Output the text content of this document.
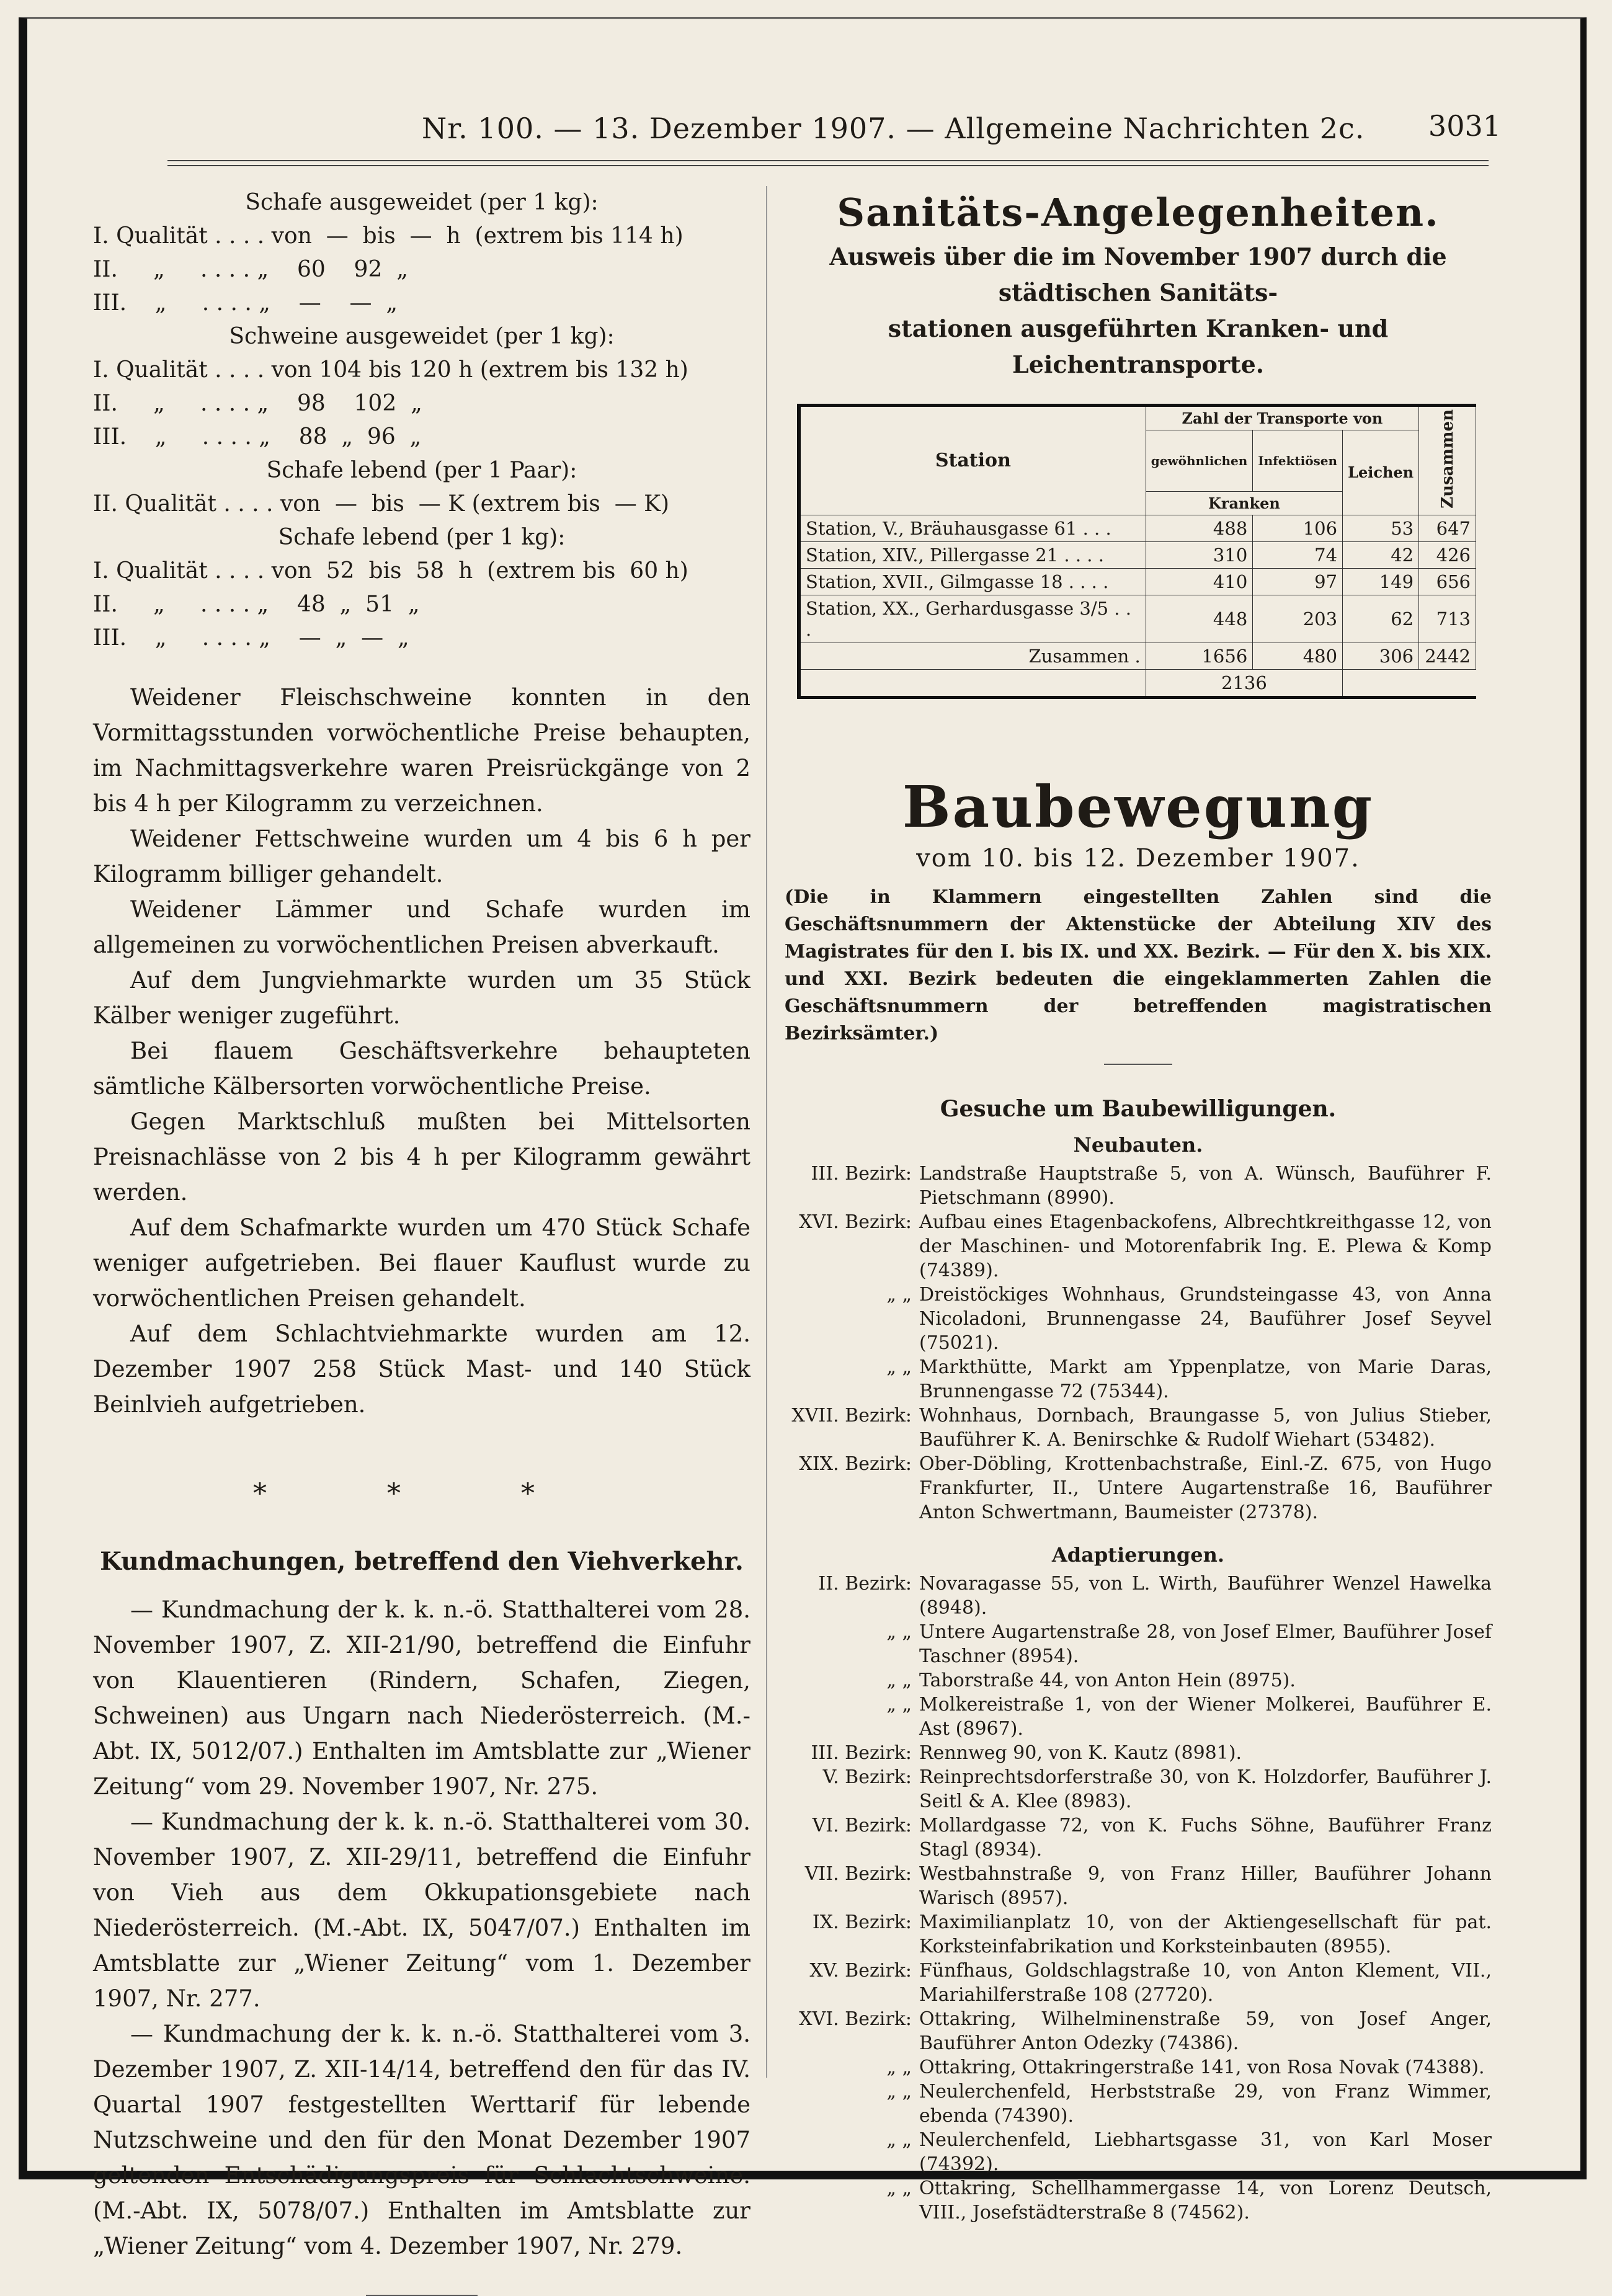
Nr. 100. — 13. Dezember 1907. — Allgemeine Nachrichten 2c. 3031
Schafe ausgeweidet (per 1 kg):
I. Qualität . . . . von  —  bis  —  h  (extrem bis 114 h)
II.     „     . . . . „    60    92  „
III.    „     . . . . „    —    —  „
Schweine ausgeweidet (per 1 kg):
I. Qualität . . . . von 104 bis 120 h (extrem bis 132 h)
II.     „     . . . . „    98    102  „
III.    „     . . . . „    88  „  96  „
Schafe lebend (per 1 Paar):
II. Qualität . . . . von  —  bis  — K (extrem bis  — K)
Schafe lebend (per 1 kg):
I. Qualität . . . . von  52  bis  58  h  (extrem bis  60 h)
II.     „     . . . . „    48  „  51  „
III.    „     . . . . „    —  „  —  „

Weidener Fleischschweine konnten in den Vormittagsstunden vorwöchentliche Preise behaupten, im Nachmittagsverkehre waren Preisrückgänge von 2 bis 4 h per Kilogramm zu verzeichnen.

Weidener Fettschweine wurden um 4 bis 6 h per Kilogramm billiger gehandelt.

Weidener Lämmer und Schafe wurden im allgemeinen zu vorwöchentlichen Preisen abverkauft.

Auf dem Jungviehmarkte wurden um 35 Stück Kälber weniger zugeführt.

Bei flauem Geschäftsverkehre behaupteten sämtliche Kälbersorten vorwöchentliche Preise.

Gegen Marktschluß mußten bei Mittelsorten Preisnachlässe von 2 bis 4 h per Kilogramm gewährt werden.

Auf dem Schafmarkte wurden um 470 Stück Schafe weniger aufgetrieben. Bei flauer Kauflust wurde zu vorwöchentlichen Preisen gehandelt.

Auf dem Schlachtviehmarkte wurden am 12. Dezember 1907 258 Stück Mast- und 140 Stück Beinlvieh aufgetrieben.

* * *
Kundmachungen, betreffend den Viehverkehr.

— Kundmachung der k. k. n.-ö. Statthalterei vom 28. November 1907, Z. XII-21/90, betreffend die Einfuhr von Klauentieren (Rindern, Schafen, Ziegen, Schweinen) aus Ungarn nach Niederösterreich. (M.-Abt. IX, 5012/07.) Enthalten im Amtsblatte zur „Wiener Zeitung“ vom 29. November 1907, Nr. 275.

— Kundmachung der k. k. n.-ö. Statthalterei vom 30. November 1907, Z. XII-29/11, betreffend die Einfuhr von Vieh aus dem Okkupationsgebiete nach Niederösterreich. (M.-Abt. IX, 5047/07.) Enthalten im Amtsblatte zur „Wiener Zeitung“ vom 1. Dezember 1907, Nr. 277.

— Kundmachung der k. k. n.-ö. Statthalterei vom 3. Dezember 1907, Z. XII-14/14, betreffend den für das IV. Quartal 1907 festgestellten Werttarif für lebende Nutzschweine und den für den Monat Dezember 1907 geltenden Entschädigungspreis für Schlachtschweine. (M.-Abt. IX, 5078/07.) Enthalten im Amtsblatte zur „Wiener Zeitung“ vom 4. Dezember 1907, Nr. 279.

Sanitäts-Angelegenheiten.
Ausweis über die im November 1907 durch die städtischen Sanitäts-
stationen ausgeführten Kranken- und Leichentransporte.
Station	Zahl der Transporte von			Zusammen
	gewöhnlichen	Infektiösen	Leichen	
	Kranken			
Station, V., Bräuhausgasse 61 . . .	488	106	53	647
Station, XIV., Pillergasse 21 . . . .	310	74	42	426
Station, XVII., Gilmgasse 18 . . . .	410	97	149	656
Station, XX., Gerhardusgasse 3/5 . . .	448	203	62	713
Zusammen .	1656	480	306	2442
	2136			
Baubewegung
vom 10. bis 12. Dezember 1907.
(Die in Klammern eingestellten Zahlen sind die Geschäftsnummern der Aktenstücke der Abteilung XIV des Magistrates für den I. bis IX. und XX. Bezirk. — Für den X. bis XIX. und XXI. Bezirk bedeuten die eingeklammerten Zahlen die Geschäftsnummern der betreffenden magistratischen Bezirksämter.)
Gesuche um Baubewilligungen.
Neubauten.
III. Bezirk: Landstraße Hauptstraße 5, von A. Wünsch, Bauführer F. Pietschmann (8990).
XVI. Bezirk: Aufbau eines Etagenbackofens, Albrechtkreithgasse 12, von der Maschinen- und Motorenfabrik Ing. E. Plewa & Komp (74389).
„ „ Dreistöckiges Wohnhaus, Grundsteingasse 43, von Anna Nicoladoni, Brunnengasse 24, Bauführer Josef Seyvel (75021).
„ „ Markthütte, Markt am Yppenplatze, von Marie Daras, Brunnengasse 72 (75344).
XVII. Bezirk: Wohnhaus, Dornbach, Braungasse 5, von Julius Stieber, Bauführer K. A. Benirschke & Rudolf Wiehart (53482).
XIX. Bezirk: Ober-Döbling, Krottenbachstraße, Einl.-Z. 675, von Hugo Frankfurter, II., Untere Augartenstraße 16, Bauführer Anton Schwertmann, Baumeister (27378).
Adaptierungen.
II. Bezirk: Novaragasse 55, von L. Wirth, Bauführer Wenzel Hawelka (8948).
„ „ Untere Augartenstraße 28, von Josef Elmer, Bauführer Josef Taschner (8954).
„ „ Taborstraße 44, von Anton Hein (8975).
„ „ Molkereistraße 1, von der Wiener Molkerei, Bauführer E. Ast (8967).
III. Bezirk: Rennweg 90, von K. Kautz (8981).
V. Bezirk: Reinprechtsdorferstraße 30, von K. Holzdorfer, Bauführer J. Seitl & A. Klee (8983).
VI. Bezirk: Mollardgasse 72, von K. Fuchs Söhne, Bauführer Franz Stagl (8934).
VII. Bezirk: Westbahnstraße 9, von Franz Hiller, Bauführer Johann Warisch (8957).
IX. Bezirk: Maximilianplatz 10, von der Aktiengesellschaft für pat. Korksteinfabrikation und Korksteinbauten (8955).
XV. Bezirk: Fünfhaus, Goldschlagstraße 10, von Anton Klement, VII., Mariahilferstraße 108 (27720).
XVI. Bezirk: Ottakring, Wilhelminenstraße 59, von Josef Anger, Bauführer Anton Odezky (74386).
„ „ Ottakring, Ottakringerstraße 141, von Rosa Novak (74388).
„ „ Neulerchenfeld, Herbststraße 29, von Franz Wimmer, ebenda (74390).
„ „ Neulerchenfeld, Liebhartsgasse 31, von Karl Moser (74392).
„ „ Ottakring, Schellhammergasse 14, von Lorenz Deutsch, VIII., Josefstädterstraße 8 (74562).
